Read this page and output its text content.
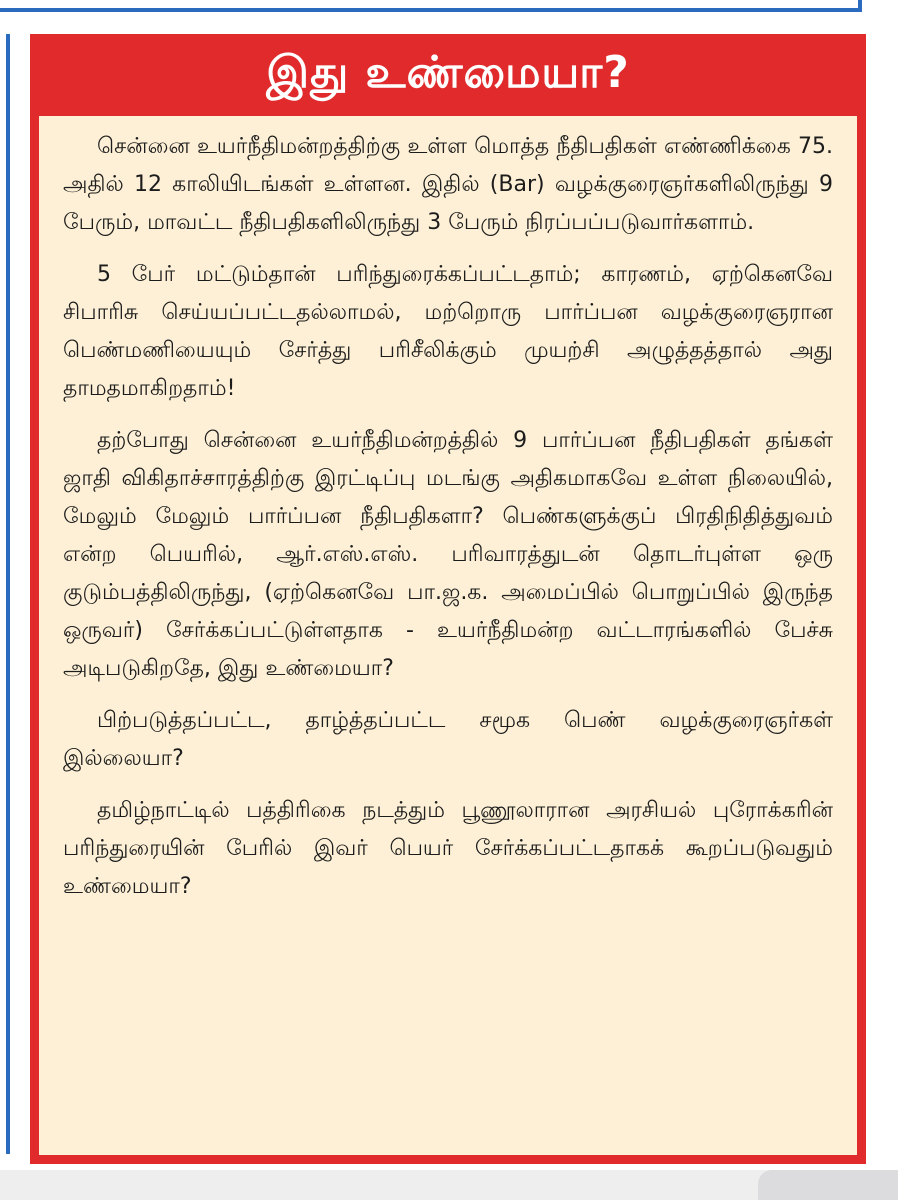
இது உண்மையா?

சென்னை உயர்நீதிமன்றத்திற்கு உள்ள மொத்த நீதிபதிகள் எண்ணிக்கை 75. அதில் 12 காலியிடங்கள் உள்ளன. இதில் (Bar) வழக்குரைஞர்களிலிருந்து 9 பேரும், மாவட்ட நீதிபதிகளிலிருந்து 3 பேரும் நிரப்பப்படுவார்களாம்.

5 பேர் மட்டும்தான் பரிந்துரைக்கப்பட்டதாம்; காரணம், ஏற்கெனவே சிபாரிசு செய்யப்பட்டதல்லாமல், மற்றொரு பார்ப்பன வழக்குரைஞரான பெண்மணியையும் சேர்த்து பரிசீலிக்கும் முயற்சி அழுத்தத்தால் அது தாமதமாகிறதாம்!

தற்போது சென்னை உயர்நீதிமன்றத்தில் 9 பார்ப்பன நீதிபதிகள் தங்கள் ஜாதி விகிதாச்சாரத்திற்கு இரட்டிப்பு மடங்கு அதிகமாகவே உள்ள நிலையில், மேலும் மேலும் பார்ப்பன நீதிபதிகளா? பெண்களுக்குப் பிரதிநிதித்துவம் என்ற பெயரில், ஆர்.எஸ்.எஸ். பரிவாரத்துடன் தொடர்புள்ள ஒரு குடும்பத்திலிருந்து, (ஏற்கெனவே பா.ஜ.க. அமைப்பில் பொறுப்பில் இருந்த ஒருவர்) சேர்க்கப்பட்டுள்ளதாக - உயர்நீதிமன்ற வட்டாரங்களில் பேச்சு அடிபடுகிறதே, இது உண்மையா?

பிற்படுத்தப்பட்ட, தாழ்த்தப்பட்ட சமூக பெண் வழக்குரைஞர்கள் இல்லையா?

தமிழ்நாட்டில் பத்திரிகை நடத்தும் பூணூலாரான அரசியல் புரோக்கரின் பரிந்துரையின் பேரில் இவர் பெயர் சேர்க்கப்பட்டதாகக் கூறப்படுவதும் உண்மையா?
